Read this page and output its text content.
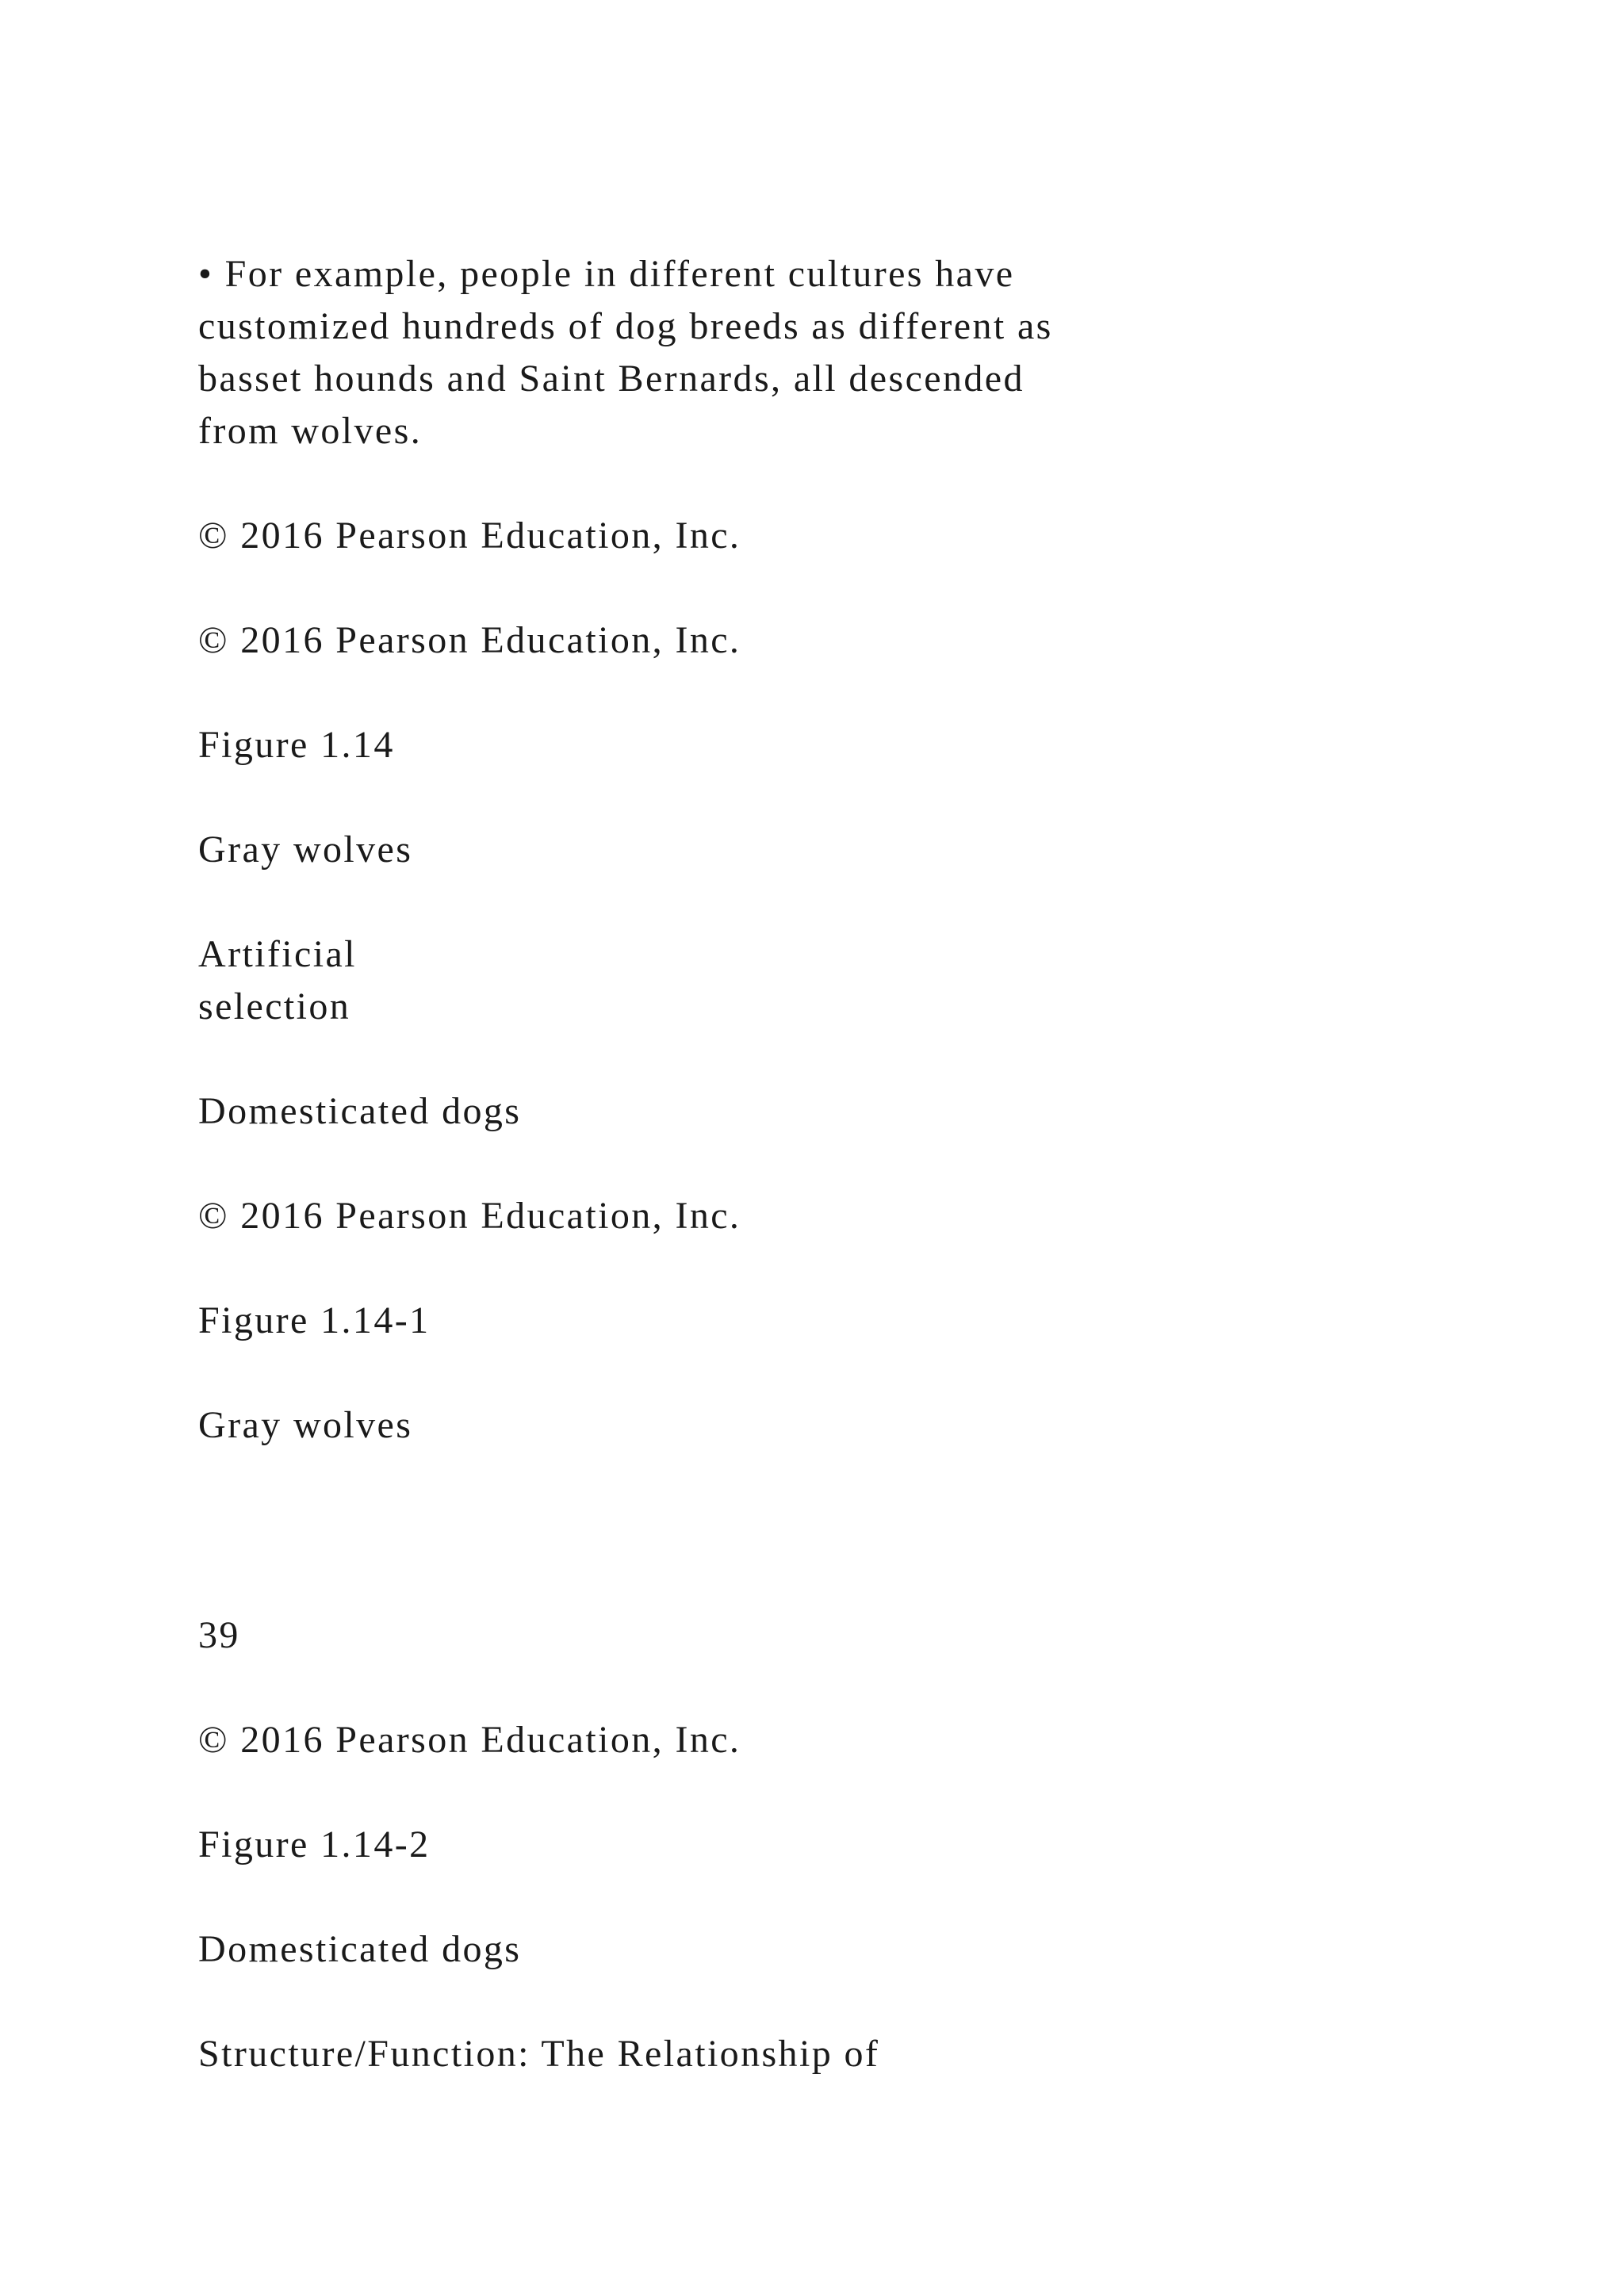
• For example, people in different cultures have

customized hundreds of dog breeds as different as

basset hounds and Saint Bernards, all descended

from wolves.

© 2016 Pearson Education, Inc.

© 2016 Pearson Education, Inc.

Figure 1.14

Gray wolves

Artificial

selection

Domesticated dogs

© 2016 Pearson Education, Inc.

Figure 1.14-1

Gray wolves

39

© 2016 Pearson Education, Inc.

Figure 1.14-2

Domesticated dogs

Structure/Function: The Relationship of
